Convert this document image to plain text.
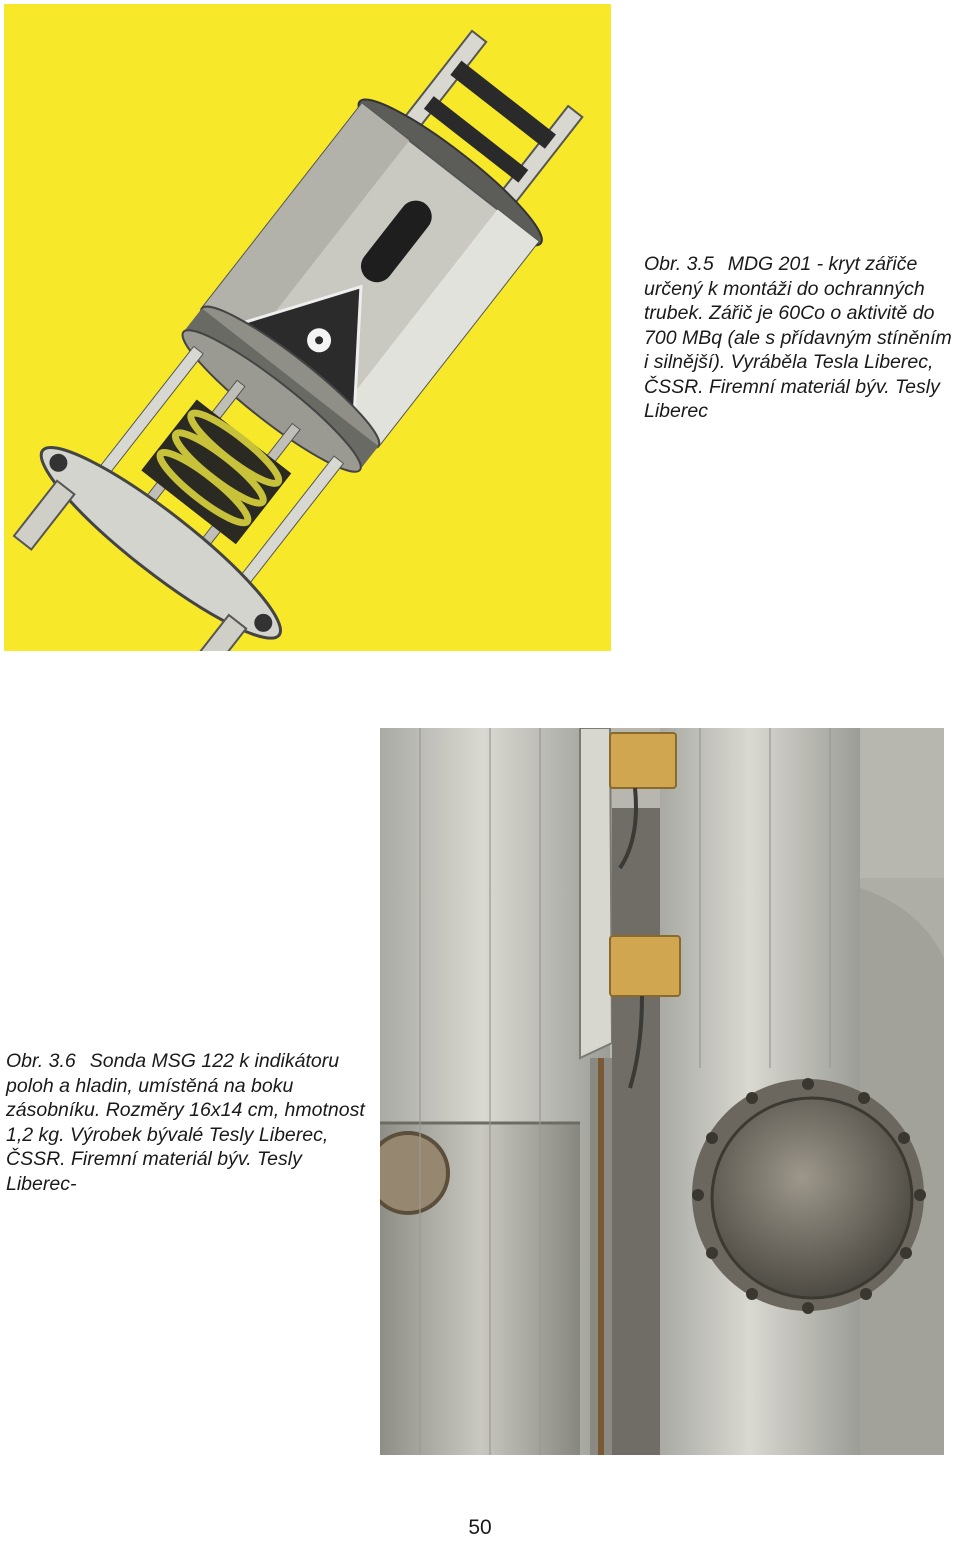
Obr. 3.5 MDG 201 - kryt zářiče určený k montáži do ochranných trubek. Zářič je 60Co o aktivitě do 700 MBq (ale s přídavným stíněním i silnější). Vyráběla Tesla Liberec, ČSSR. Firemní materiál býv. Tesly Liberec
Obr. 3.6 Sonda MSG 122 k indikátoru poloh a hladin, umístěná na boku zásobníku. Rozměry 16x14 cm, hmotnost 1,2 kg. Výrobek bývalé Tesly Liberec, ČSSR. Firemní materiál býv. Tesly Liberec-
50
